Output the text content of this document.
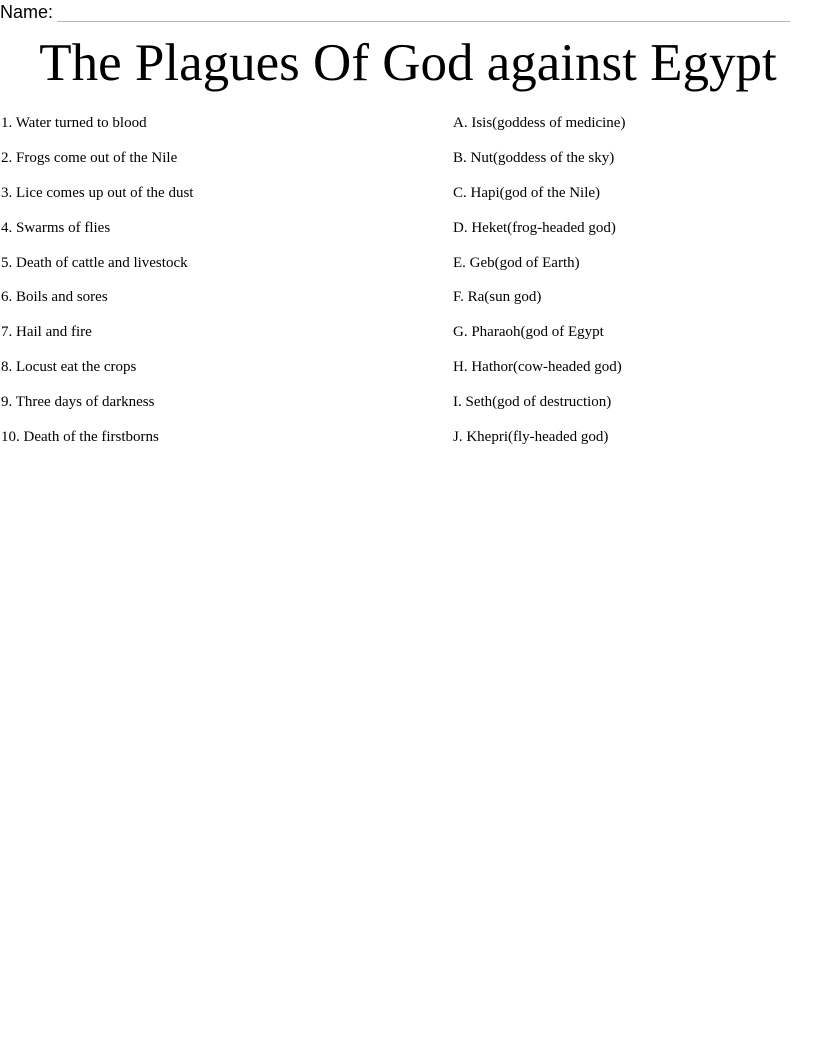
Name:
The Plagues Of God against Egypt
1. Water turned to blood
2. Frogs come out of the Nile
3. Lice comes up out of the dust
4. Swarms of flies
5. Death of cattle and livestock
6. Boils and sores
7. Hail and fire
8. Locust eat the crops
9. Three days of darkness
10. Death of the firstborns
A. Isis(goddess of medicine)
B. Nut(goddess of the sky)
C. Hapi(god of the Nile)
D. Heket(frog-headed god)
E. Geb(god of Earth)
F. Ra(sun god)
G. Pharaoh(god of Egypt
H. Hathor(cow-headed god)
I. Seth(god of destruction)
J. Khepri(fly-headed god)
